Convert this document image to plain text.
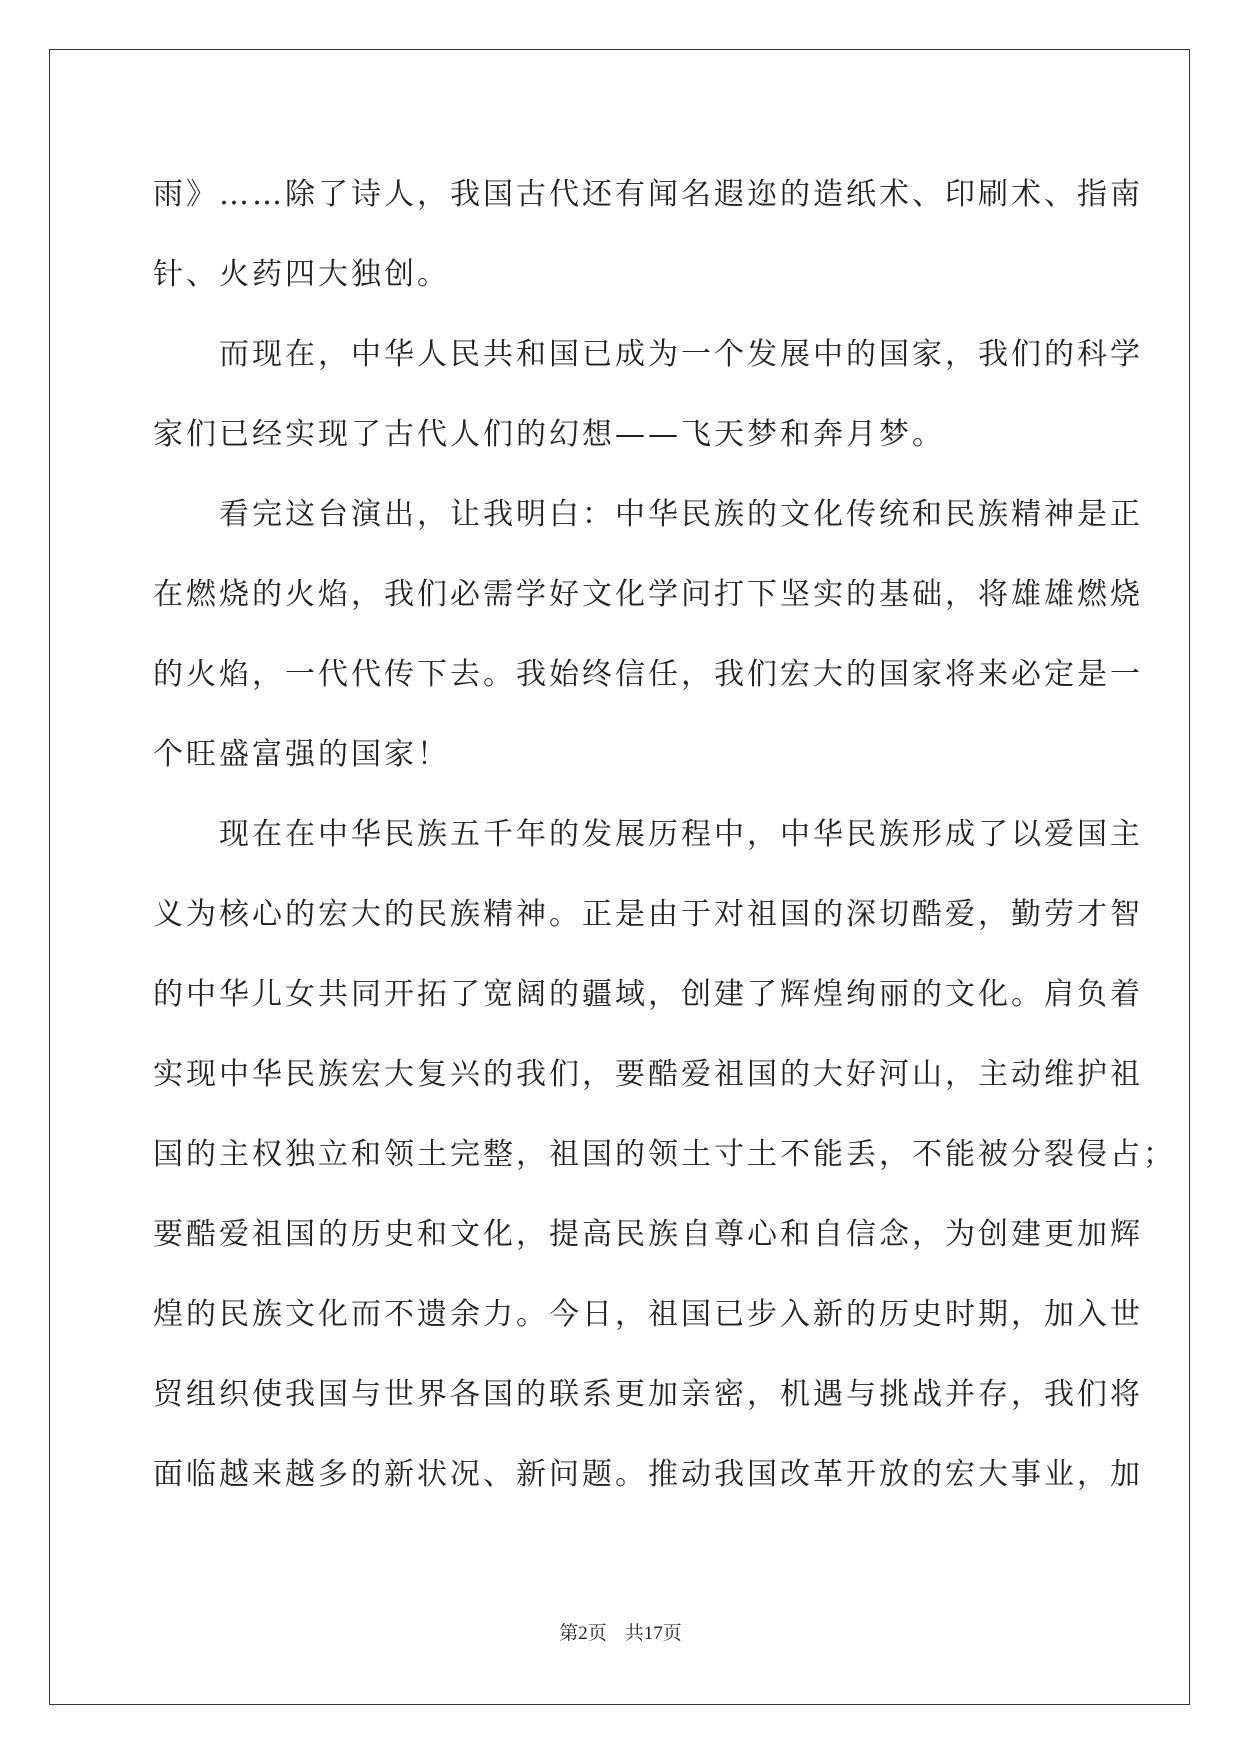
雨》……除了诗人，我国古代还有闻名遐迩的造纸术、印刷术、指南
针、火药四大独创。
　　而现在，中华人民共和国已成为一个发展中的国家，我们的科学
家们已经实现了古代人们的幻想——飞天梦和奔月梦。
　　看完这台演出，让我明白：中华民族的文化传统和民族精神是正
在燃烧的火焰，我们必需学好文化学问打下坚实的基础，将雄雄燃烧
的火焰，一代代传下去。我始终信任，我们宏大的国家将来必定是一
个旺盛富强的国家！
　　现在在中华民族五千年的发展历程中，中华民族形成了以爱国主
义为核心的宏大的民族精神。正是由于对祖国的深切酷爱，勤劳才智
的中华儿女共同开拓了宽阔的疆域，创建了辉煌绚丽的文化。肩负着
实现中华民族宏大复兴的我们，要酷爱祖国的大好河山，主动维护祖
国的主权独立和领土完整，祖国的领土寸土不能丢，不能被分裂侵占；
要酷爱祖国的历史和文化，提高民族自尊心和自信念，为创建更加辉
煌的民族文化而不遗余力。今日，祖国已步入新的历史时期，加入世
贸组织使我国与世界各国的联系更加亲密，机遇与挑战并存，我们将
面临越来越多的新状况、新问题。推动我国改革开放的宏大事业，加
第2页 共17页
